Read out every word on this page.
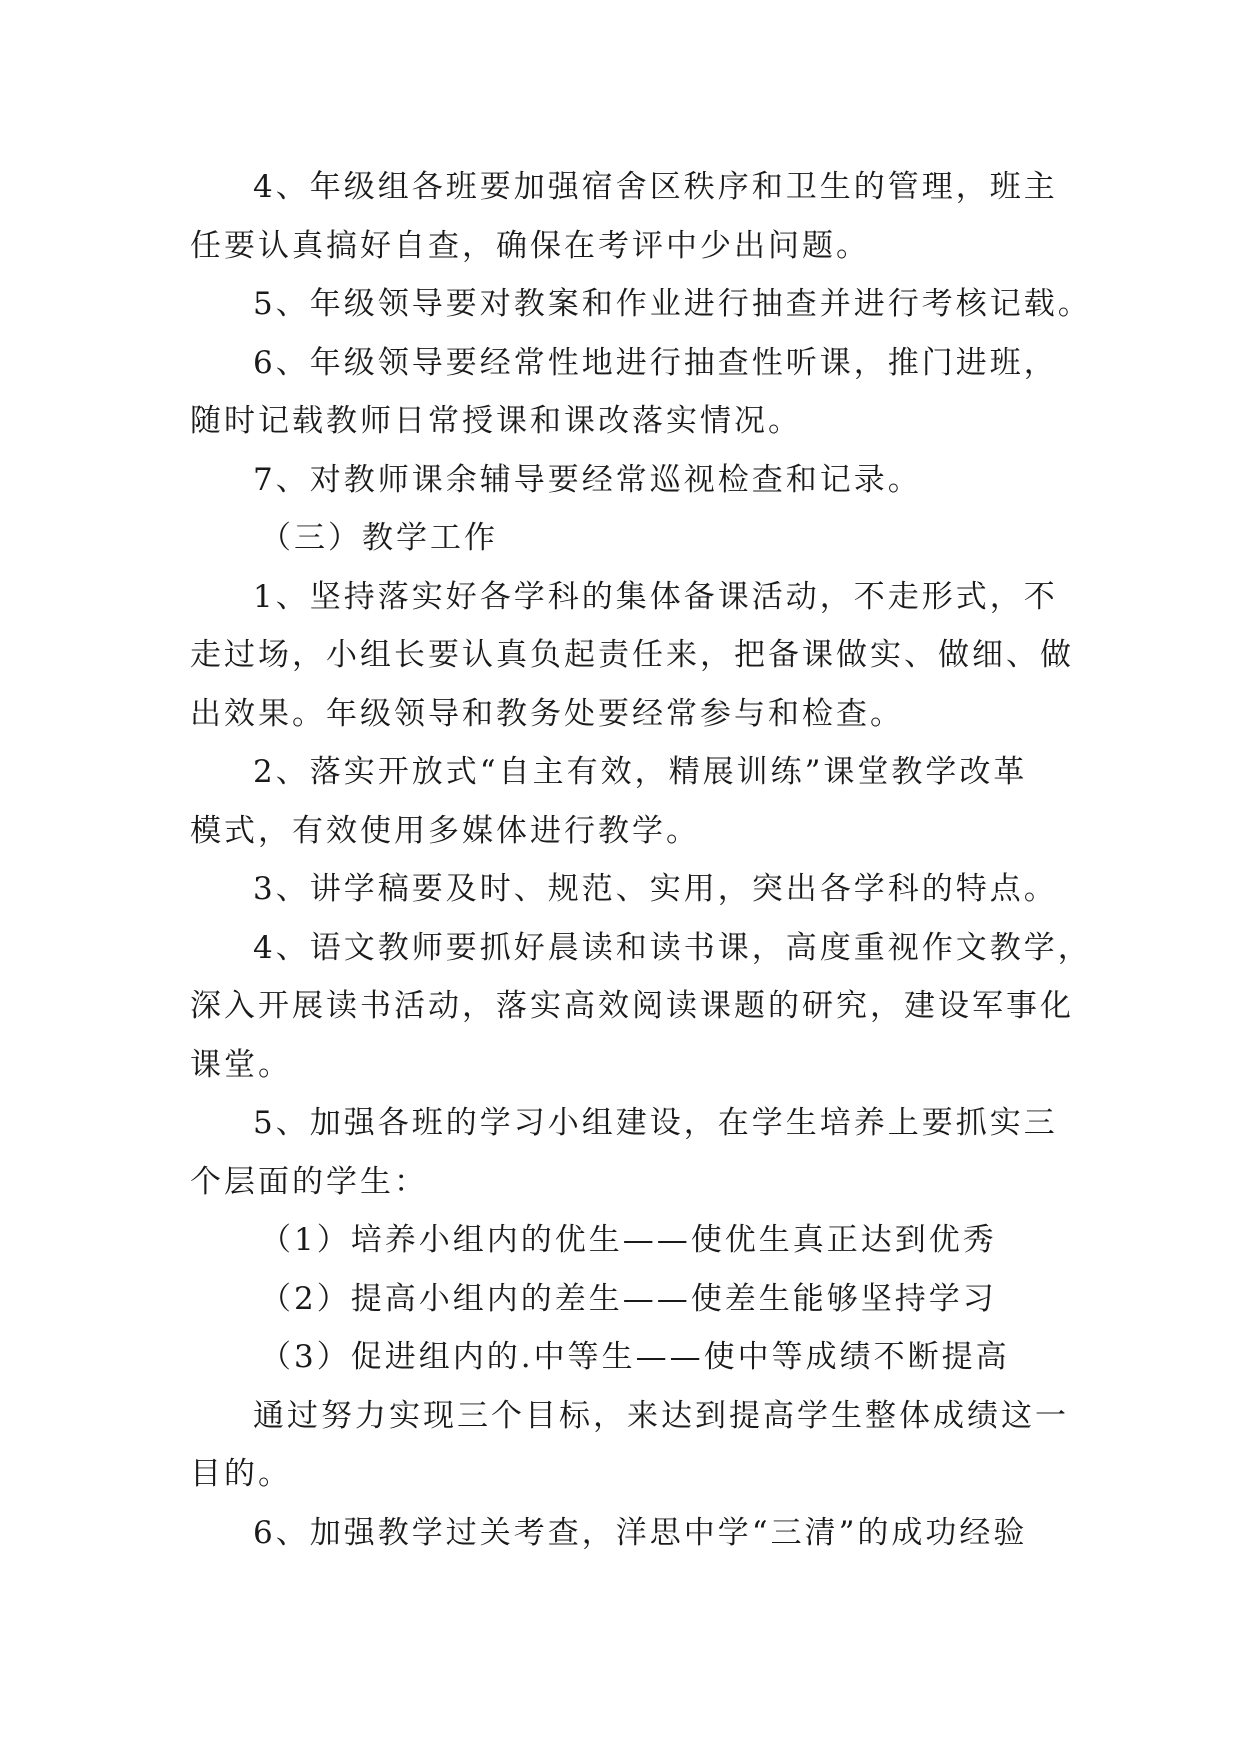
4、年级组各班要加强宿舍区秩序和卫生的管理，班主
任要认真搞好自查，确保在考评中少出问题。
5、年级领导要对教案和作业进行抽查并进行考核记载。
6、年级领导要经常性地进行抽查性听课，推门进班，
随时记载教师日常授课和课改落实情况。
7、对教师课余辅导要经常巡视检查和记录。
（三）教学工作
1、坚持落实好各学科的集体备课活动，不走形式，不
走过场，小组长要认真负起责任来，把备课做实、做细、做
出效果。年级领导和教务处要经常参与和检查。
2、落实开放式“自主有效，精展训练”课堂教学改革
模式，有效使用多媒体进行教学。
3、讲学稿要及时、规范、实用，突出各学科的特点。
4、语文教师要抓好晨读和读书课，高度重视作文教学，
深入开展读书活动，落实高效阅读课题的研究，建设军事化
课堂。
5、加强各班的学习小组建设，在学生培养上要抓实三
个层面的学生：
（1）培养小组内的优生——使优生真正达到优秀
（2）提高小组内的差生——使差生能够坚持学习
（3）促进组内的.中等生——使中等成绩不断提高
通过努力实现三个目标，来达到提高学生整体成绩这一
目的。
6、加强教学过关考查，洋思中学“三清”的成功经验
